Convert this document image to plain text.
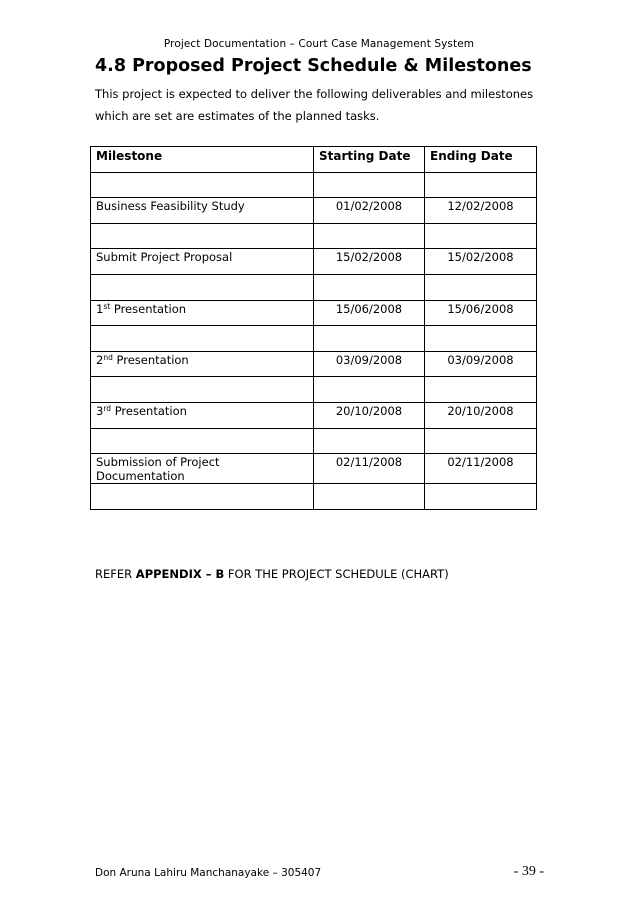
Project Documentation – Court Case Management System
4.8 Proposed Project Schedule & Milestones

This project is expected to deliver the following deliverables and milestones which are set are estimates of the planned tasks.

Milestone	Starting Date	Ending Date

Business Feasibility Study	01/02/2008	12/02/2008

Submit Project Proposal	15/02/2008	15/02/2008

1st Presentation	15/06/2008	15/06/2008

2nd Presentation	03/09/2008	03/09/2008

3rd Presentation	20/10/2008	20/10/2008

Submission of Project Documentation	02/11/2008	02/11/2008

REFER APPENDIX – B FOR THE PROJECT SCHEDULE (CHART)
Don Aruna Lahiru Manchanayake – 305407	- 39 -
